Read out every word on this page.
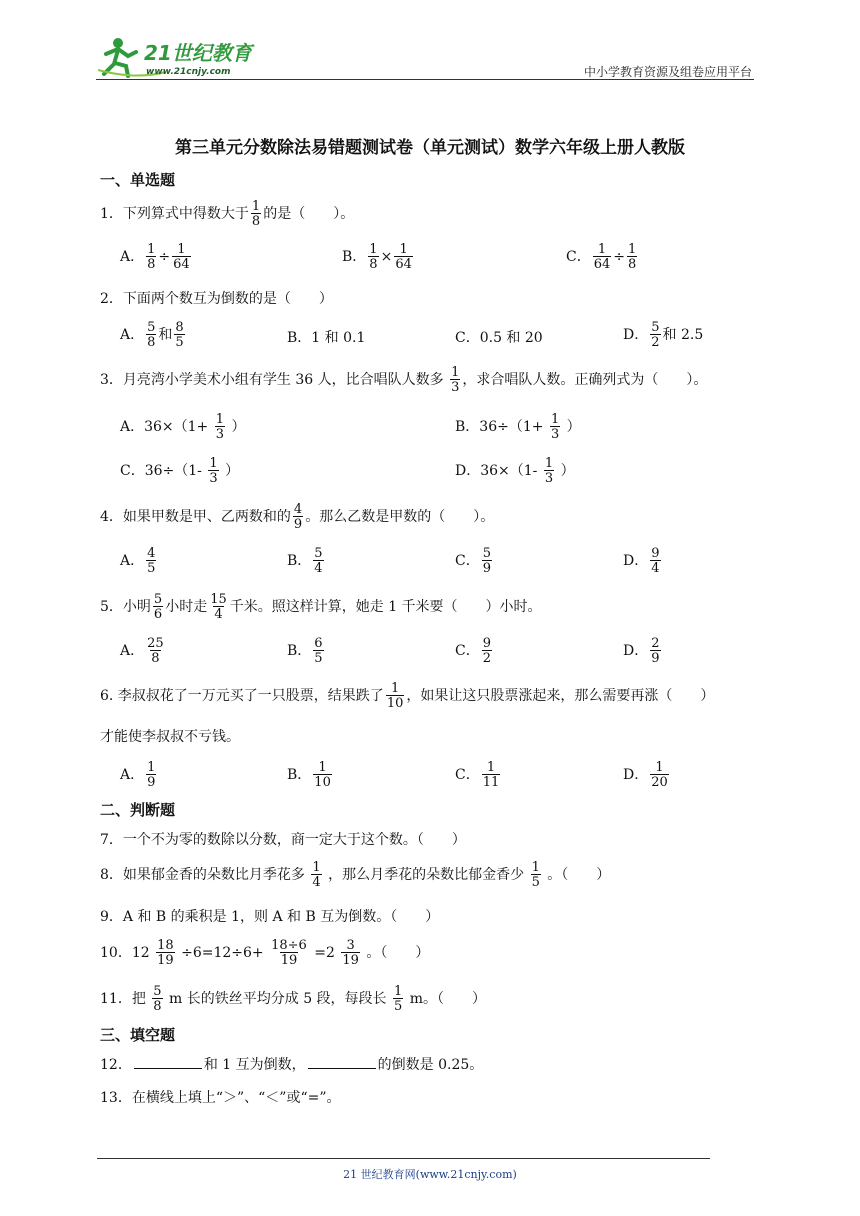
21世纪教育
www.21cnjy.com	中小学教育资源及组卷应用平台
第三单元分数除法易错题测试卷（单元测试）数学六年级上册人教版
一、单选题
1．下列算式中得数大于 $\frac{1}{8}$ 的是（　　）。
A． $\frac{1}{8} \div \frac{1}{64}$	B． $\frac{1}{8} \times \frac{1}{64}$	C． $\frac{1}{64} \div \frac{1}{8}$
2．下面两个数互为倒数的是（　　）
A． $\frac{5}{8}$ 和 $\frac{8}{5}$	B．1 和 0.1	C．0.5 和 20	D． $\frac{5}{2}$ 和 2.5
3．月亮湾小学美术小组有学生 36 人，比合唱队人数多 $\frac{1}{3}$ ，求合唱队人数。正确列式为（　　）。
A．$36\times(1+ \frac{1}{3}$ ）	B．$36\div(1+ \frac{1}{3}$ ）
C．$36\div(1- \frac{1}{3}$ ）	D．$36\times(1- \frac{1}{3}$ ）
4．如果甲数是甲、乙两数和的 $\frac{4}{9}$ 。那么乙数是甲数的（　　）。
A． $\frac{4}{5}$	B． $\frac{5}{4}$	C． $\frac{5}{9}$	D． $\frac{9}{4}$
5．小明 $\frac{5}{6}$ 小时走 $\frac{15}{4}$ 千米。照这样计算，她走 1 千米要（　　）小时。
A． $\frac{25}{8}$	B． $\frac{6}{5}$	C． $\frac{9}{2}$	D． $\frac{2}{9}$
6. 李叔叔花了一万元买了一只股票，结果跌了 $\frac{1}{10}$ ，如果让这只股票涨起来，那么需要再涨（　　）
才能使李叔叔不亏钱。
A． $\frac{1}{9}$	B． $\frac{1}{10}$	C． $\frac{1}{11}$	D． $\frac{1}{20}$
二、判断题
7．一个不为零的数除以分数，商一定大于这个数。（　　）
8．如果郁金香的朵数比月季花多 $\frac{1}{4}$ ，那么月季花的朵数比郁金香少 $\frac{1}{5}$ 。（　　）
9．A 和 B 的乘积是 1，则 A 和 B 互为倒数。（　　）
10．$12 \frac{18}{19} \div 6=12\div 6+ \frac{18\div 6}{19} =2 \frac{3}{19}$ 。（　　）
11．把 $\frac{5}{8}$ m 长的铁丝平均分成 5 段，每段长 $\frac{1}{5}$ m。（　　）
三、填空题
12．	和 1 互为倒数，	的倒数是 0.25。
13．在横线上填上“＞”、“＜”或“=”。
21 世纪教育网(www.21cnjy.com)
